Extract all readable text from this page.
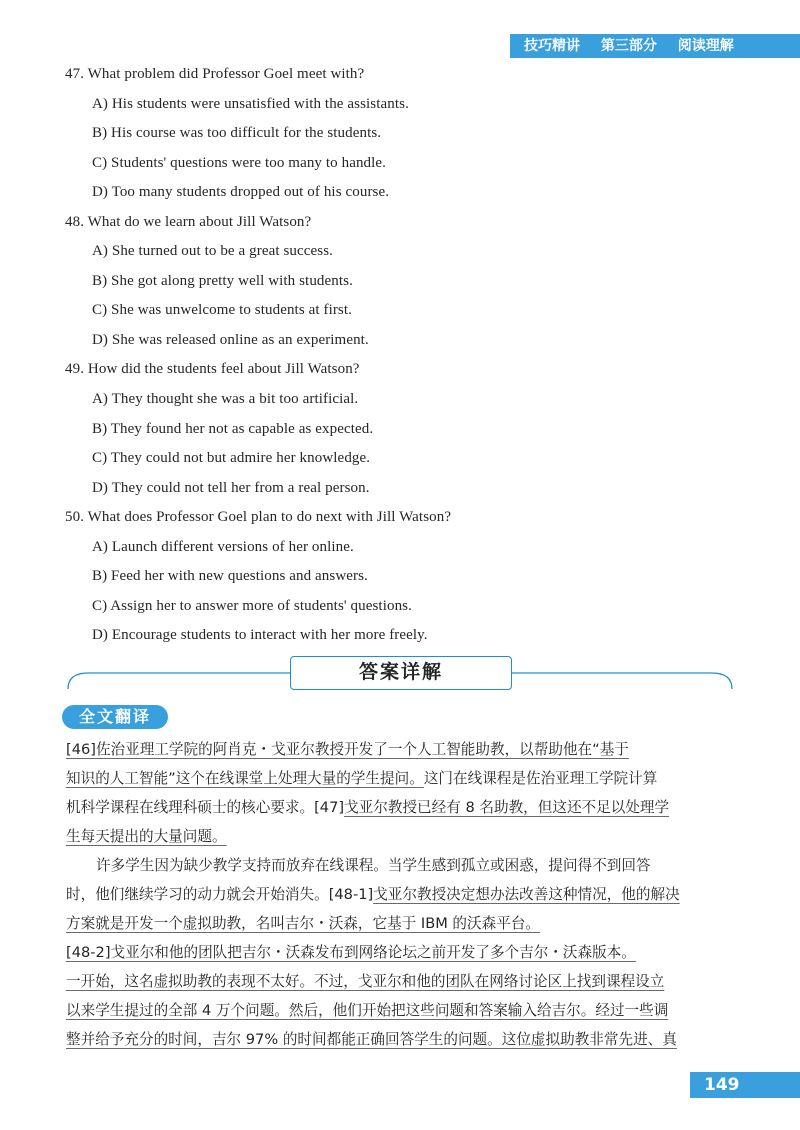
技巧精讲 第三部分 阅读理解
47. What problem did Professor Goel meet with?
A) His students were unsatisfied with the assistants.
B) His course was too difficult for the students.
C) Students' questions were too many to handle.
D) Too many students dropped out of his course.
48. What do we learn about Jill Watson?
A) She turned out to be a great success.
B) She got along pretty well with students.
C) She was unwelcome to students at first.
D) She was released online as an experiment.
49. How did the students feel about Jill Watson?
A) They thought she was a bit too artificial.
B) They found her not as capable as expected.
C) They could not but admire her knowledge.
D) They could not tell her from a real person.
50. What does Professor Goel plan to do next with Jill Watson?
A) Launch different versions of her online.
B) Feed her with new questions and answers.
C) Assign her to answer more of students' questions.
D) Encourage students to interact with her more freely.
答案详解
全文翻译
[46]佐治亚理工学院的阿肖克・戈亚尔教授开发了一个人工智能助教，以帮助他在“基于
知识的人工智能”这个在线课堂上处理大量的学生提问。这门在线课程是佐治亚理工学院计算
机科学课程在线理科硕士的核心要求。[47]戈亚尔教授已经有 8 名助教，但这还不足以处理学
生每天提出的大量问题。
许多学生因为缺少教学支持而放弃在线课程。当学生感到孤立或困惑，提问得不到回答
时，他们继续学习的动力就会开始消失。[48-1]戈亚尔教授决定想办法改善这种情况，他的解决
方案就是开发一个虚拟助教，名叫吉尔・沃森，它基于 IBM 的沃森平台。
[48-2]戈亚尔和他的团队把吉尔・沃森发布到网络论坛之前开发了多个吉尔・沃森版本。
一开始，这名虚拟助教的表现不太好。不过，戈亚尔和他的团队在网络讨论区上找到课程设立
以来学生提过的全部 4 万个问题。然后，他们开始把这些问题和答案输入给吉尔。经过一些调
整并给予充分的时间，吉尔 97% 的时间都能正确回答学生的问题。这位虚拟助教非常先进、真
149
